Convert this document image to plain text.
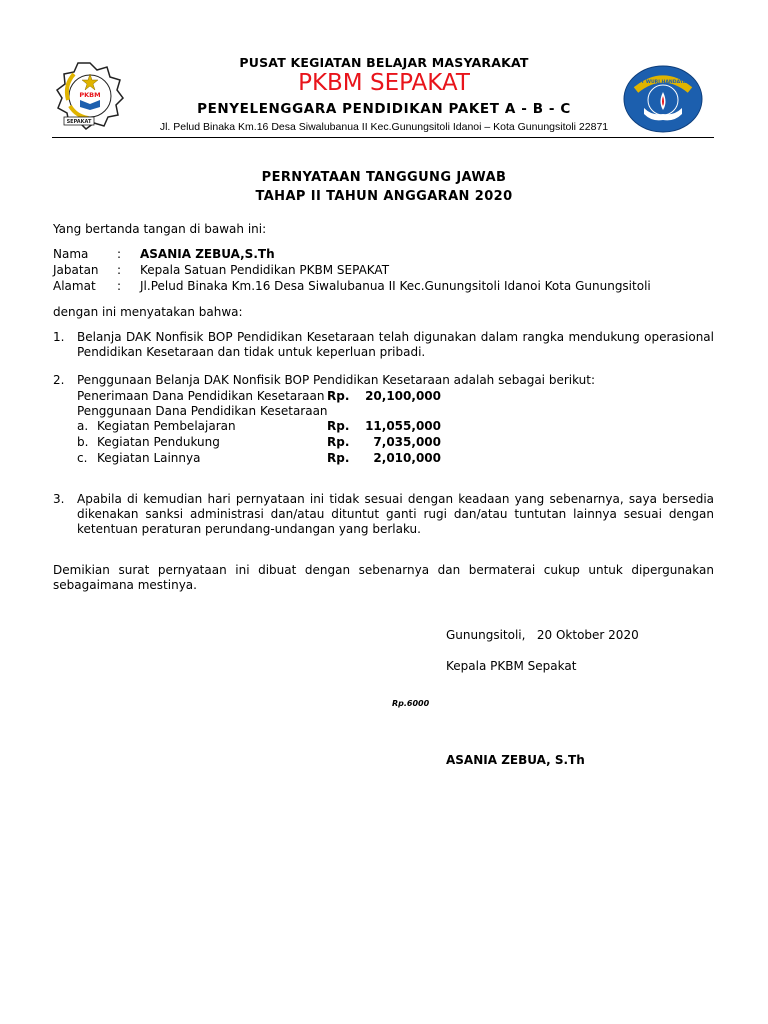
PKBM
SEPAKAT
PUSAT KEGIATAN BELAJAR MASYARAKAT
PKBM SEPAKAT
PENYELENGGARA PENDIDIKAN PAKET A - B - C
Jl. Pelud Binaka Km.16 Desa Siwalubanua II Kec.Gunungsitoli Idanoi – Kota Gunungsitoli 22871
TUT WURI HANDAYANI
PERNYATAAN TANGGUNG JAWAB
TAHAP II TAHUN ANGGARAN 2020
Yang bertanda tangan di bawah ini:
Nama : ASANIA ZEBUA,S.Th
Jabatan : Kepala Satuan Pendidikan PKBM SEPAKAT
Alamat : Jl.Pelud Binaka Km.16 Desa Siwalubanua II Kec.Gunungsitoli Idanoi Kota Gunungsitoli
dengan ini menyatakan bahwa:
1. Belanja DAK Nonfisik BOP Pendidikan Kesetaraan telah digunakan dalam rangka mendukung operasional Pendidikan Kesetaraan dan tidak untuk keperluan pribadi.
2. Penggunaan Belanja DAK Nonfisik BOP Pendidikan Kesetaraan adalah sebagai berikut:
Penerimaan Dana Pendidikan Kesetaraan Rp.	20,100,000
Penggunaan Dana Pendidikan Kesetaraan
a. Kegiatan Pembelajaran	Rp.	11,055,000
b. Kegiatan Pendukung	Rp.	7,035,000
c. Kegiatan Lainnya	Rp.	2,010,000
3. Apabila di kemudian hari pernyataan ini tidak sesuai dengan keadaan yang sebenarnya, saya bersedia dikenakan sanksi administrasi dan/atau dituntut ganti rugi dan/atau tuntutan lainnya sesuai dengan ketentuan peraturan perundang-undangan yang berlaku.
Demikian surat pernyataan ini dibuat dengan sebenarnya dan bermaterai cukup untuk dipergunakan sebagaimana mestinya.
Gunungsitoli,   20 Oktober 2020
Kepala PKBM Sepakat
Rp.6000
ASANIA ZEBUA, S.Th
